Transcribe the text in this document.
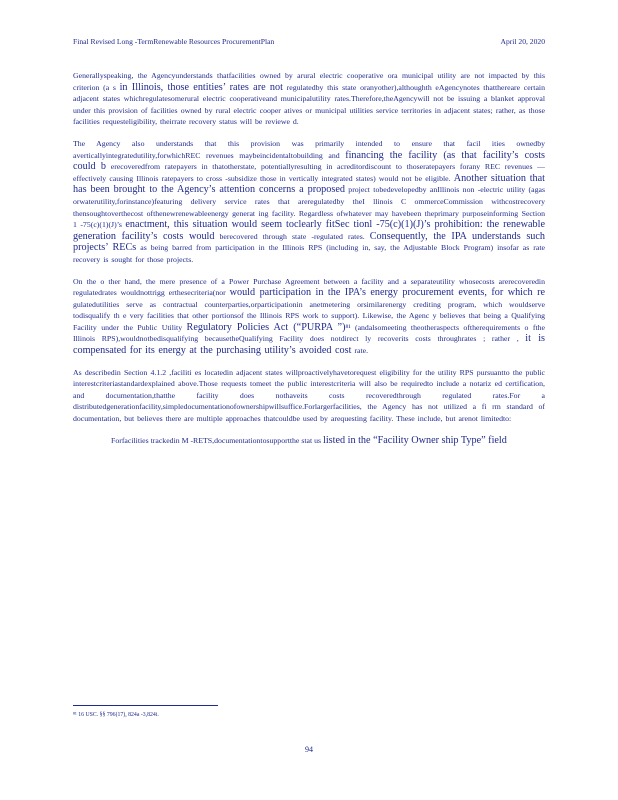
Final Revised Long -TermRenewable Resources ProcurementPlan	April 20, 2020

Generallyspeaking, the Agencyunderstands thatfacilities owned by arural electric cooperative ora municipal utility are not impacted by this criterion (a s in Illinois, those entities’ rates are not regulatedby this state oranyother),althoughth eAgencynotes thatthereare certain adjacent states whichregulatesomerural electric cooperativeand municipalutility rates.Therefore,theAgencywill not be issuing a blanket approval under this provision of facilities owned by rural electric cooper atives or municipal utilities service territories in adjacent states; rather, as those facilities requesteligibility, theirrate recovery status will be reviewe d.

The Agency also understands that this provision was primarily intended to ensure that facil ities ownedby averticallyintegratedutility,forwhichREC revenues maybeincidentaltobuilding and financing the facility (as that facility’s costs could b erecoveredfrom ratepayers in thatotherstate, potentiallyresulting in acreditordiscount to thoseratepayers forany REC revenues —effectively causing Illinois ratepayers to cross -subsidize those in vertically integrated states) would not be eligible. Another situation that has been brought to the Agency’s attention concerns a proposed project tobedevelopedby anIllinois non -electric utility (agas orwaterutility,forinstance)featuring delivery service rates that areregulatedby theI llinois C ommerceCommission withcostrecovery thensoughtoverthecost ofthenewrenewableenergy generat ing facility. Regardless ofwhatever may havebeen theprimary purposeinforming Section 1 -75(c)(1)(J)’s enactment, this situation would seem toclearly fitSec tionl -75(c)(1)(J)’s prohibition: the renewable generation facility’s costs would berecovered through state -regulated rates. Consequently, the IPA understands such projects’ RECs as being barred from participation in the Illinois RPS (including in, say, the Adjustable Block Program) insofar as rate recovery is sought for those projects.

On the o ther hand, the mere presence of a Power Purchase Agreement between a facility and a separateutility whosecosts arerecoveredin regulatedrates wouldnottrigg erthesecriteria(nor would participation in the IPA’s energy procurement events, for which re gulatedutilities serve as contractual counterparties,orparticipationin anetmetering orsimilarenergy crediting program, which wouldserve todisqualify th e very facilities that other portionsof the Illinois RPS work to support). Likewise, the Agenc y believes that being a Qualifying Facility under the Public Utility Regulatory Policies Act (“PURPA ”)⁸¹ (andalsomeeting theotheraspects oftherequirements o fthe Illinois RPS),wouldnotbedisqualifying becausetheQualifying Facility does notdirect ly recoverits costs throughrates ; rather , it is compensated for its energy at the purchasing utility’s avoided cost rate.

As describedin Section 4.1.2 ,faciliti es locatedin adjacent states willproactivelyhavetorequest eligibility for the utility RPS pursuantto the public interestcriteriastandardexplained above.Those requests tomeet the public interestcriteria will also be requiredto include a notariz ed certification, and documentation,thatthe facility does nothaveits costs recoveredthrough regulated rates.For a distributedgenerationfacility,simpledocumentationofownershipwillsuffice.Forlargerfacilities, the Agency has not utilized a fi rm standard of documentation, but believes there are multiple approaches thatcouldbe used by arequesting facility. These include, but arenot limitedto:

Forfacilities trackedin M -RETS,documentationtosupportthe stat us listed in the “Facility Owner ship Type” field
⁸¹ 16 USC. §§ 796(17), 824a -3,824i.
94
